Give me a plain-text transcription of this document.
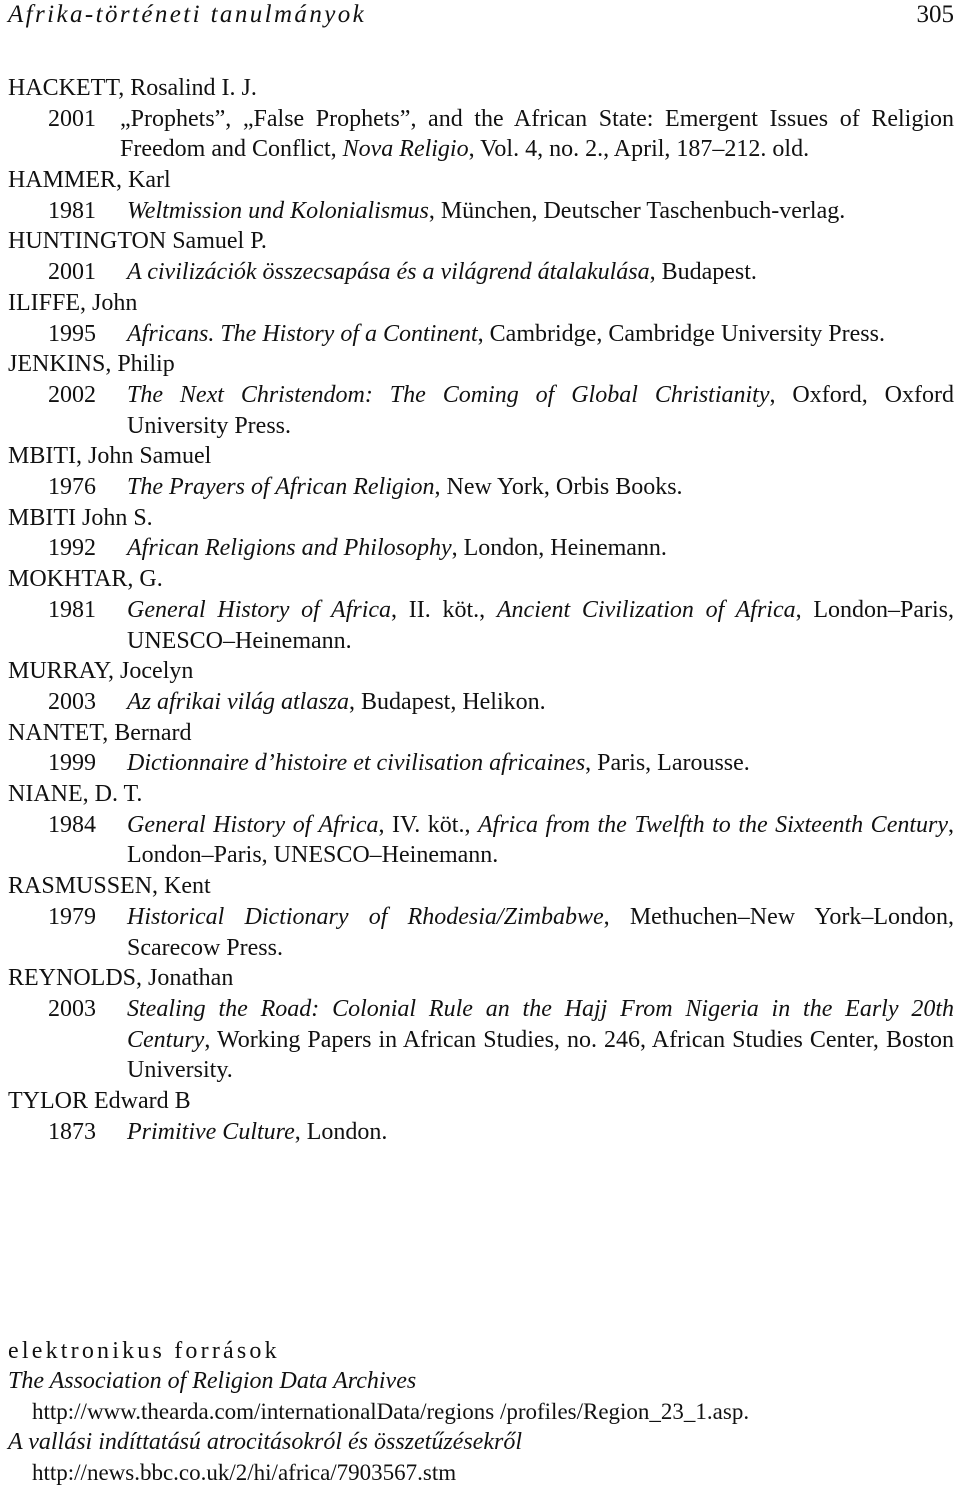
Afrika-történeti tanulmányok	305
HACKETT, Rosalind I. J.
2001	„Prophets”, „False Prophets”, and the African State: Emergent Issues of Religion Freedom and Conflict, Nova Religio, Vol. 4, no. 2., April, 187–212. old.
HAMMER, Karl
1981	Weltmission und Kolonialismus, München, Deutscher Taschenbuch-verlag.
HUNTINGTON Samuel P.
2001	A civilizációk összecsapása és a világrend átalakulása, Budapest.
ILIFFE, John
1995	Africans. The History of a Continent, Cambridge, Cambridge University Press.
JENKINS, Philip
2002	The Next Christendom: The Coming of Global Christianity, Oxford, Oxford University Press.
MBITI, John Samuel
1976	The Prayers of African Religion, New York, Orbis Books.
MBITI John S.
1992	African Religions and Philosophy, London, Heinemann.
MOKHTAR, G.
1981	General History of Africa, II. köt., Ancient Civilization of Africa, London–Paris, UNESCO–Heinemann.
MURRAY, Jocelyn
2003	Az afrikai világ atlasza, Budapest, Helikon.
NANTET, Bernard
1999	Dictionnaire d’histoire et civilisation africaines, Paris, Larousse.
NIANE, D. T.
1984	General History of Africa, IV. köt., Africa from the Twelfth to the Sixteenth Century, London–Paris, UNESCO–Heinemann.
RASMUSSEN, Kent
1979	Historical Dictionary of Rhodesia/Zimbabwe, Methuchen–New York–London, Scarecow Press.
REYNOLDS, Jonathan
2003	Stealing the Road: Colonial Rule an the Hajj From Nigeria in the Early 20th Century, Working Papers in African Studies, no. 246, African Studies Center, Boston University.
TYLOR Edward B
1873	Primitive Culture, London.
elektronikus források
The Association of Religion Data Archives
http://www.thearda.com/internationalData/regions /profiles/Region_23_1.asp.
A vallási indíttatású atrocitásokról és összetűzésekről
http://news.bbc.co.uk/2/hi/africa/7903567.stm
